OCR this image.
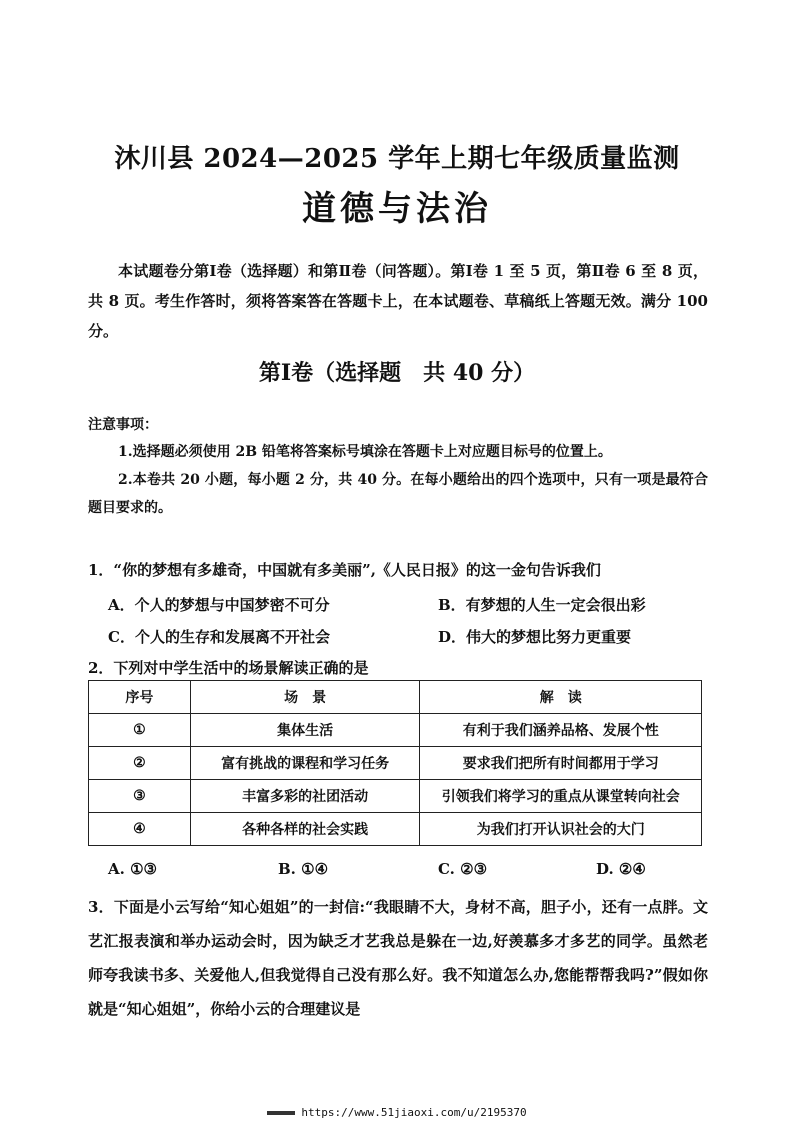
沐川县 2024—2025 学年上期七年级质量监测
道德与法治
本试题卷分第Ⅰ卷（选择题）和第Ⅱ卷（问答题）。第Ⅰ卷 1 至 5 页，第Ⅱ卷 6 至 8 页，共 8 页。考生作答时，须将答案答在答题卡上，在本试题卷、草稿纸上答题无效。满分 100 分。
第Ⅰ卷（选择题　共 40 分）
注意事项：
1.选择题必须使用 2B 铅笔将答案标号填涂在答题卡上对应题目标号的位置上。
2.本卷共 20 小题，每小题 2 分，共 40 分。在每小题给出的四个选项中，只有一项是最符合题目要求的。
1．“你的梦想有多雄奇，中国就有多美丽”,《人民日报》的这一金句告诉我们
A．个人的梦想与中国梦密不可分	B．有梦想的人生一定会很出彩
C．个人的生存和发展离不开社会	D．伟大的梦想比努力更重要
2．下列对中学生活中的场景解读正确的是
序号	场　景	解　读
①	集体生活	有利于我们涵养品格、发展个性
②	富有挑战的课程和学习任务	要求我们把所有时间都用于学习
③	丰富多彩的社团活动	引领我们将学习的重点从课堂转向社会
④	各种各样的社会实践	为我们打开认识社会的大门
A. ①③	B. ①④	C. ②③	D. ②④
3．下面是小云写给“知心姐姐”的一封信:“我眼睛不大，身材不高，胆子小，还有一点胖。文艺汇报表演和举办运动会时，因为缺乏才艺我总是躲在一边,好羡慕多才多艺的同学。虽然老师夸我读书多、关爱他人,但我觉得自己没有那么好。我不知道怎么办,您能帮帮我吗?”假如你就是“知心姐姐”，你给小云的合理建议是
https://www.51jiaoxi.com/u/2195370
